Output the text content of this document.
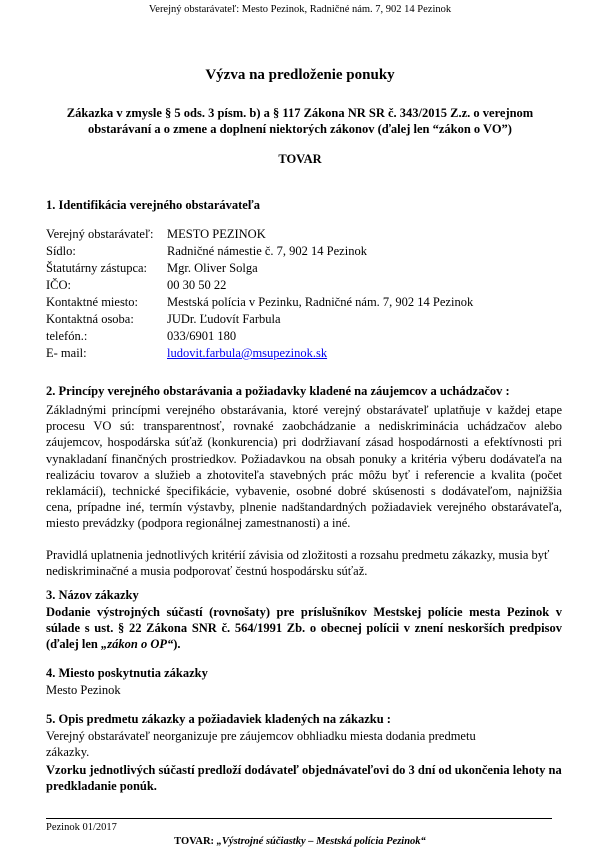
Verejný obstarávateľ: Mesto Pezinok, Radničné nám. 7, 902 14 Pezinok
Výzva na predloženie ponuky
Zákazka v zmysle § 5 ods. 3 písm. b) a § 117 Zákona NR SR č. 343/2015 Z.z. o verejnom
obstarávaní a o zmene a doplnení niektorých zákonov (ďalej len “zákon o VO”)
TOVAR
1. Identifikácia verejného obstarávateľa
Verejný obstarávateľ: MESTO PEZINOK
Sídlo:	Radničné námestie č. 7, 902 14 Pezinok
Štatutárny zástupca: Mgr. Oliver Solga
IČO:	00 30 50 22
Kontaktné miesto: Mestská polícia v Pezinku, Radničné nám. 7, 902 14 Pezinok
Kontaktná osoba:	JUDr. Ľudovít Farbula
telefón.:	033/6901 180
E- mail:	ludovit.farbula@msupezinok.sk
2. Princípy verejného obstarávania a požiadavky kladené na záujemcov a uchádzačov :
Základnými princípmi verejného obstarávania, ktoré verejný obstarávateľ uplatňuje v každej etape procesu VO sú: transparentnosť, rovnaké zaobchádzanie a nediskriminácia uchádzačov alebo záujemcov, hospodárska súťaž (konkurencia) pri dodržiavaní zásad hospodárnosti a efektívnosti pri vynakladaní finančných prostriedkov. Požiadavkou na obsah ponuky a kritéria výberu dodávateľa na realizáciu tovarov a služieb a zhotoviteľa stavebných prác môžu byť i referencie a kvalita (počet reklamácií), technické špecifikácie, vybavenie, osobné dobré skúsenosti s dodávateľom, najnižšia cena, prípadne iné, termín výstavby, plnenie nadštandardných požiadaviek verejného obstarávateľa, miesto prevádzky (podpora regionálnej zamestnanosti) a iné.
Pravidlá uplatnenia jednotlivých kritérií závisia od zložitosti a rozsahu predmetu zákazky, musia byť nediskriminačné a musia podporovať čestnú hospodársku súťaž.
3. Názov zákazky
Dodanie výstrojných súčastí (rovnošaty) pre príslušníkov Mestskej polície mesta Pezinok v súlade s ust. § 22 Zákona SNR č. 564/1991 Zb. o obecnej polícii v znení neskorších predpisov (ďalej len „zákon o OP“).
4. Miesto poskytnutia zákazky
Mesto Pezinok
5. Opis predmetu zákazky a požiadaviek kladených na zákazku :
Verejný obstarávateľ neorganizuje pre záujemcov obhliadku miesta dodania predmetu zákazky.
Vzorku jednotlivých súčastí predloží dodávateľ objednávateľovi do 3 dní od ukončenia lehoty na predkladanie ponúk.
Pezinok 01/2017
TOVAR: „Výstrojné súčiastky – Mestská polícia Pezinok“
